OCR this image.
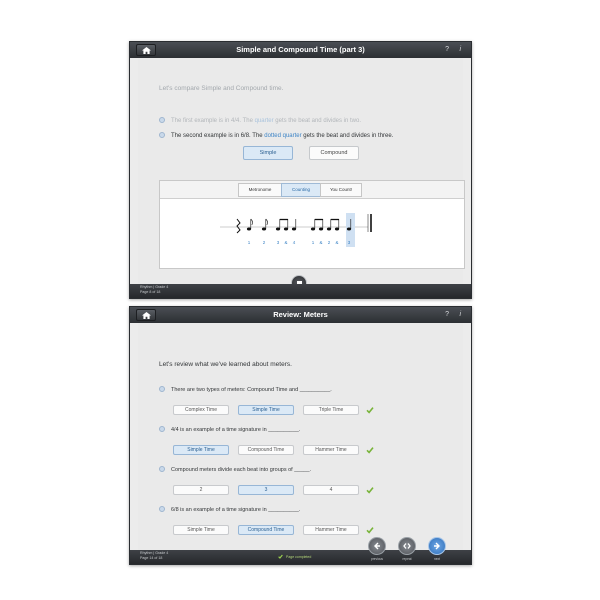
Simple and Compound Time (part 3)	? i
Let's compare Simple and Compound time.
The first example is in 4/4. The quarter gets the beat and divides in two.
The second example is in 6/8. The dotted quarter gets the beat and divides in three.
Simple	Compound
Metronome	Counting	You Count!
1	2	3 & 4	1 & 2 & 3
Rhythm | Grade 4
Page 8 of 18
Review: Meters	? i
Let's review what we've learned about meters.
There are two types of meters: Compound Time and __________.
Complex Time	Simple Time	Triple Time
4/4 is an example of a time signature in __________.
Simple Time	Compound Time	Hammer Time
Compound meters divide each beat into groups of _____.
2	3	4
6/8 is an example of a time signature in __________.
Simple Time	Compound Time	Hammer Time
Rhythm | Grade 4
Page 14 of 18	Page completed	previous	repeat	next
